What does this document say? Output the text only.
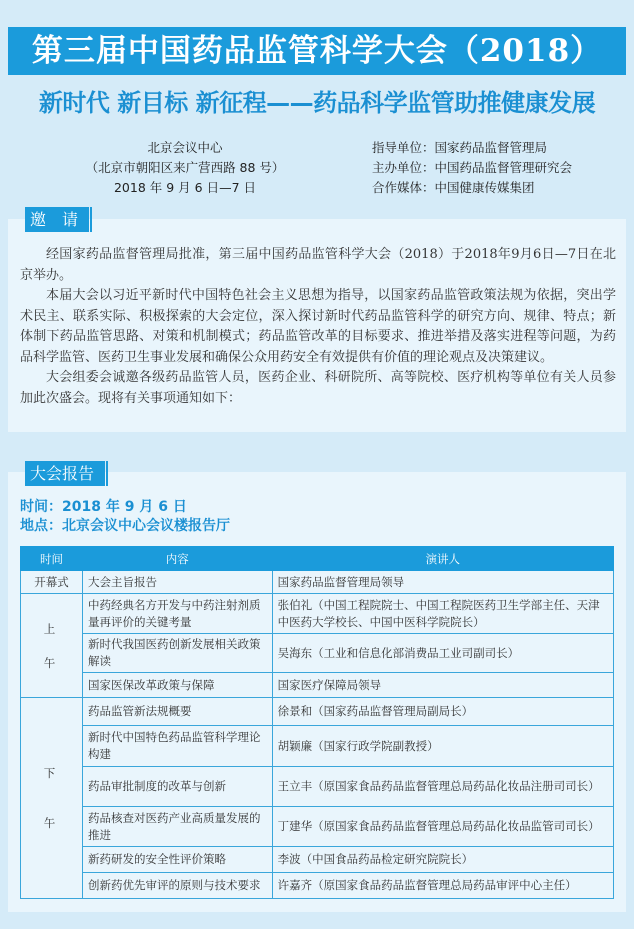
第三届中国药品监管科学大会（2018）
新时代 新目标 新征程——药品科学监管助推健康发展
北京会议中心
（北京市朝阳区来广营西路 88 号）
2018 年 9 月 6 日—7 日
指导单位：国家药品监督管理局
主办单位：中国药品监督管理研究会
合作媒体：中国健康传媒集团
邀　请

经国家药品监督管理局批准，第三届中国药品监管科学大会（2018）于2018年9月6日—7日在北京举办。

本届大会以习近平新时代中国特色社会主义思想为指导，以国家药品监管政策法规为依据，突出学术民主、联系实际、积极探索的大会定位，深入探讨新时代药品监管科学的研究方向、规律、特点；新体制下药品监管思路、对策和机制模式；药品监管改革的目标要求、推进举措及落实进程等问题，为药品科学监管、医药卫生事业发展和确保公众用药安全有效提供有价值的理论观点及决策建议。

大会组委会诚邀各级药品监管人员，医药企业、科研院所、高等院校、医疗机构等单位有关人员参加此次盛会。现将有关事项通知如下：

大会报告
时间：2018 年 9 月 6 日
地点：北京会议中心会议楼报告厅
时间	内容	演讲人
开幕式	大会主旨报告	国家药品监督管理局领导
上午	中药经典名方开发与中药注射剂质量再评价的关键考量	张伯礼（中国工程院院士、中国工程院医药卫生学部主任、天津中医药大学校长、中国中医科学院院长）
	新时代我国医药创新发展相关政策解读	吴海东（工业和信息化部消费品工业司副司长）
	国家医保改革政策与保障	国家医疗保障局领导
下午	药品监管新法规概要	徐景和（国家药品监督管理局副局长）
	新时代中国特色药品监管科学理论构建	胡颖廉（国家行政学院副教授）
	药品审批制度的改革与创新	王立丰（原国家食品药品监督管理总局药品化妆品注册司司长）
	药品核查对医药产业高质量发展的推进	丁建华（原国家食品药品监督管理总局药品化妆品监管司司长）
	新药研发的安全性评价策略	李波（中国食品药品检定研究院院长）
	创新药优先审评的原则与技术要求	许嘉齐（原国家食品药品监督管理总局药品审评中心主任）
